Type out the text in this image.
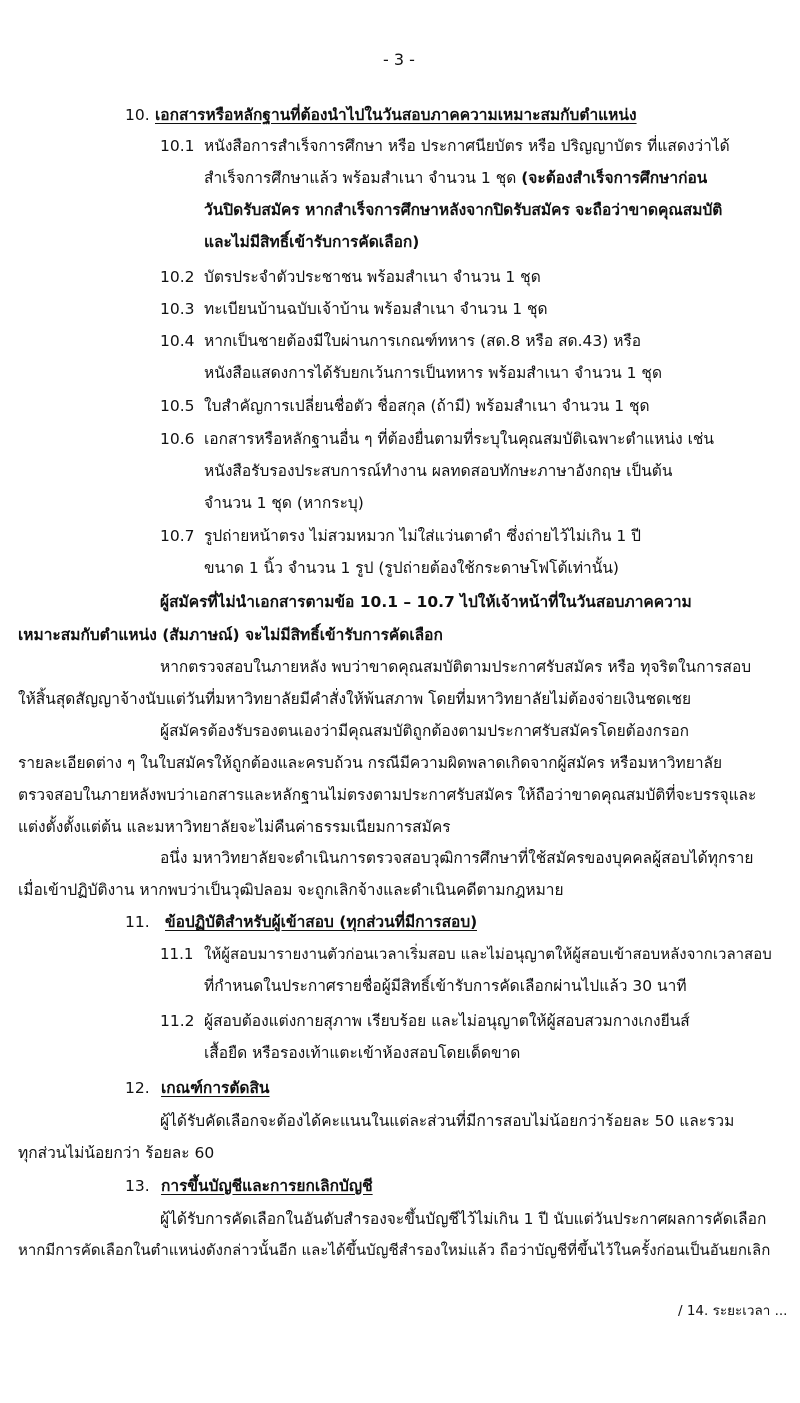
- 3 -
10. เอกสารหรือหลักฐานที่ต้องนำไปในวันสอบภาคความเหมาะสมกับตำแหน่ง
10.1 หนังสือการสำเร็จการศึกษา หรือ ประกาศนียบัตร หรือ ปริญญาบัตร ที่แสดงว่าได้
สำเร็จการศึกษาแล้ว พร้อมสำเนา จำนวน 1 ชุด (จะต้องสำเร็จการศึกษาก่อน
วันปิดรับสมัคร หากสำเร็จการศึกษาหลังจากปิดรับสมัคร จะถือว่าขาดคุณสมบัติ
และไม่มีสิทธิ์เข้ารับการคัดเลือก)
10.2 บัตรประจำตัวประชาชน พร้อมสำเนา จำนวน 1 ชุด
10.3 ทะเบียนบ้านฉบับเจ้าบ้าน พร้อมสำเนา จำนวน 1 ชุด
10.4 หากเป็นชายต้องมีใบผ่านการเกณฑ์ทหาร (สด.8 หรือ สด.43) หรือ
หนังสือแสดงการได้รับยกเว้นการเป็นทหาร พร้อมสำเนา จำนวน 1 ชุด
10.5 ใบสำคัญการเปลี่ยนชื่อตัว ชื่อสกุล (ถ้ามี) พร้อมสำเนา จำนวน 1 ชุด
10.6 เอกสารหรือหลักฐานอื่น ๆ ที่ต้องยื่นตามที่ระบุในคุณสมบัติเฉพาะตำแหน่ง เช่น
หนังสือรับรองประสบการณ์ทำงาน ผลทดสอบทักษะภาษาอังกฤษ เป็นต้น
จำนวน 1 ชุด (หากระบุ)
10.7 รูปถ่ายหน้าตรง ไม่สวมหมวก ไม่ใส่แว่นตาดำ ซึ่งถ่ายไว้ไม่เกิน 1 ปี
ขนาด 1 นิ้ว จำนวน 1 รูป (รูปถ่ายต้องใช้กระดาษโฟโต้เท่านั้น)
ผู้สมัครที่ไม่นำเอกสารตามข้อ 10.1 – 10.7 ไปให้เจ้าหน้าที่ในวันสอบภาคความ
เหมาะสมกับตำแหน่ง (สัมภาษณ์) จะไม่มีสิทธิ์เข้ารับการคัดเลือก
หากตรวจสอบในภายหลัง พบว่าขาดคุณสมบัติตามประกาศรับสมัคร หรือ ทุจริตในการสอบ
ให้สิ้นสุดสัญญาจ้างนับแต่วันที่มหาวิทยาลัยมีคำสั่งให้พ้นสภาพ โดยที่มหาวิทยาลัยไม่ต้องจ่ายเงินชดเชย
ผู้สมัครต้องรับรองตนเองว่ามีคุณสมบัติถูกต้องตามประกาศรับสมัครโดยต้องกรอก
รายละเอียดต่าง ๆ ในใบสมัครให้ถูกต้องและครบถ้วน กรณีมีความผิดพลาดเกิดจากผู้สมัคร หรือมหาวิทยาลัย
ตรวจสอบในภายหลังพบว่าเอกสารและหลักฐานไม่ตรงตามประกาศรับสมัคร ให้ถือว่าขาดคุณสมบัติที่จะบรรจุและ
แต่งตั้งตั้งแต่ต้น และมหาวิทยาลัยจะไม่คืนค่าธรรมเนียมการสมัคร
อนึ่ง มหาวิทยาลัยจะดำเนินการตรวจสอบวุฒิการศึกษาที่ใช้สมัครของบุคคลผู้สอบได้ทุกราย
เมื่อเข้าปฏิบัติงาน หากพบว่าเป็นวุฒิปลอม จะถูกเลิกจ้างและดำเนินคดีตามกฎหมาย
11. ข้อปฏิบัติสำหรับผู้เข้าสอบ (ทุกส่วนที่มีการสอบ)
11.1 ให้ผู้สอบมารายงานตัวก่อนเวลาเริ่มสอบ และไม่อนุญาตให้ผู้สอบเข้าสอบหลังจากเวลาสอบ
ที่กำหนดในประกาศรายชื่อผู้มีสิทธิ์เข้ารับการคัดเลือกผ่านไปแล้ว 30 นาที
11.2 ผู้สอบต้องแต่งกายสุภาพ เรียบร้อย และไม่อนุญาตให้ผู้สอบสวมกางเกงยีนส์
เสื้อยืด หรือรองเท้าแตะเข้าห้องสอบโดยเด็ดขาด
12. เกณฑ์การตัดสิน
ผู้ได้รับคัดเลือกจะต้องได้คะแนนในแต่ละส่วนที่มีการสอบไม่น้อยกว่าร้อยละ 50 และรวม
ทุกส่วนไม่น้อยกว่า ร้อยละ 60
13. การขึ้นบัญชีและการยกเลิกบัญชี
ผู้ได้รับการคัดเลือกในอันดับสำรองจะขึ้นบัญชีไว้ไม่เกิน 1 ปี นับแต่วันประกาศผลการคัดเลือก
หากมีการคัดเลือกในตำแหน่งดังกล่าวนั้นอีก และได้ขึ้นบัญชีสำรองใหม่แล้ว ถือว่าบัญชีที่ขึ้นไว้ในครั้งก่อนเป็นอันยกเลิก
/ 14. ระยะเวลา ...
